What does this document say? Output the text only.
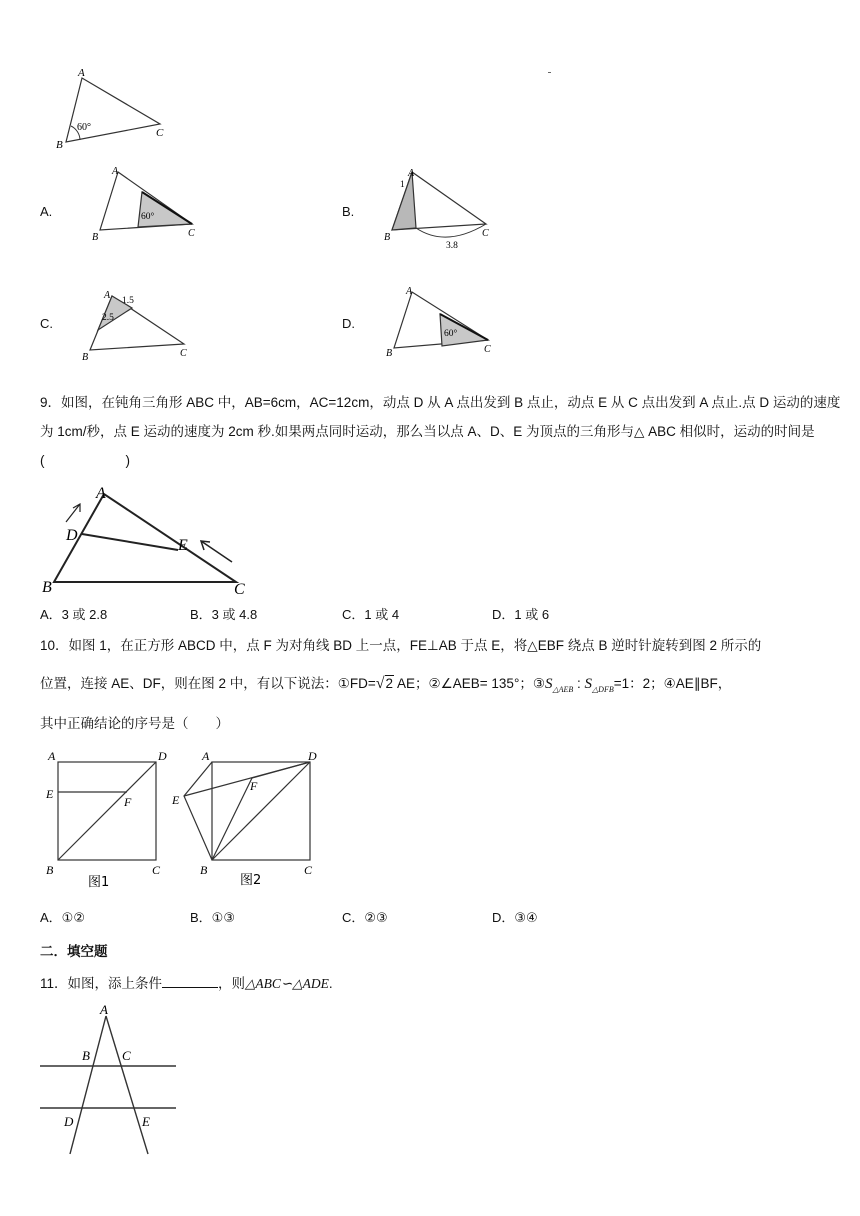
A
B
C
60°
A.
A
B	C
60°	B.
A
B	C
1
3.8
C.
A
B	C
1.5
2.5	D.
A
B	C
60°
9．如图，在钝角三角形 ABC 中，AB=6cm，AC=12cm，动点 D 从 A 点出发到 B 点止，动点 E 从 C 点出发到 A 点止.点 D 运动的速度为 1cm/秒，点 E 运动的速度为 2cm 秒.如果两点同时运动，那么当以点 A、D、E 为顶点的三角形与△ ABC 相似时，运动的时间是(　　　　　　)
A
B	C
D
E
A．3 或 2.8	B．3 或 4.8	C．1 或 4	D．1 或 6
10．如图 1，在正方形 ABCD 中，点 F 为对角线 BD 上一点，FE⊥AB 于点 E，将△EBF 绕点 B 逆时针旋转到图 2 所示的
位置，连接 AE、DF，则在图 2 中，有以下说法：①FD=√2 AE；②∠AEB= 135°；$③S_{\triangle AEB}$ : $S_{\triangle DFB}=1$：2；④AE∥BF，
其中正确结论的序号是（　　）
A	D
E
F
B	C
图1
A	D
E
F
B	C
图2
A．①②	B．①③	C．②③	D．③④
二．填空题
11．如图，添上条件	，则△ABC∽△ADE.
A
B C
D	E
